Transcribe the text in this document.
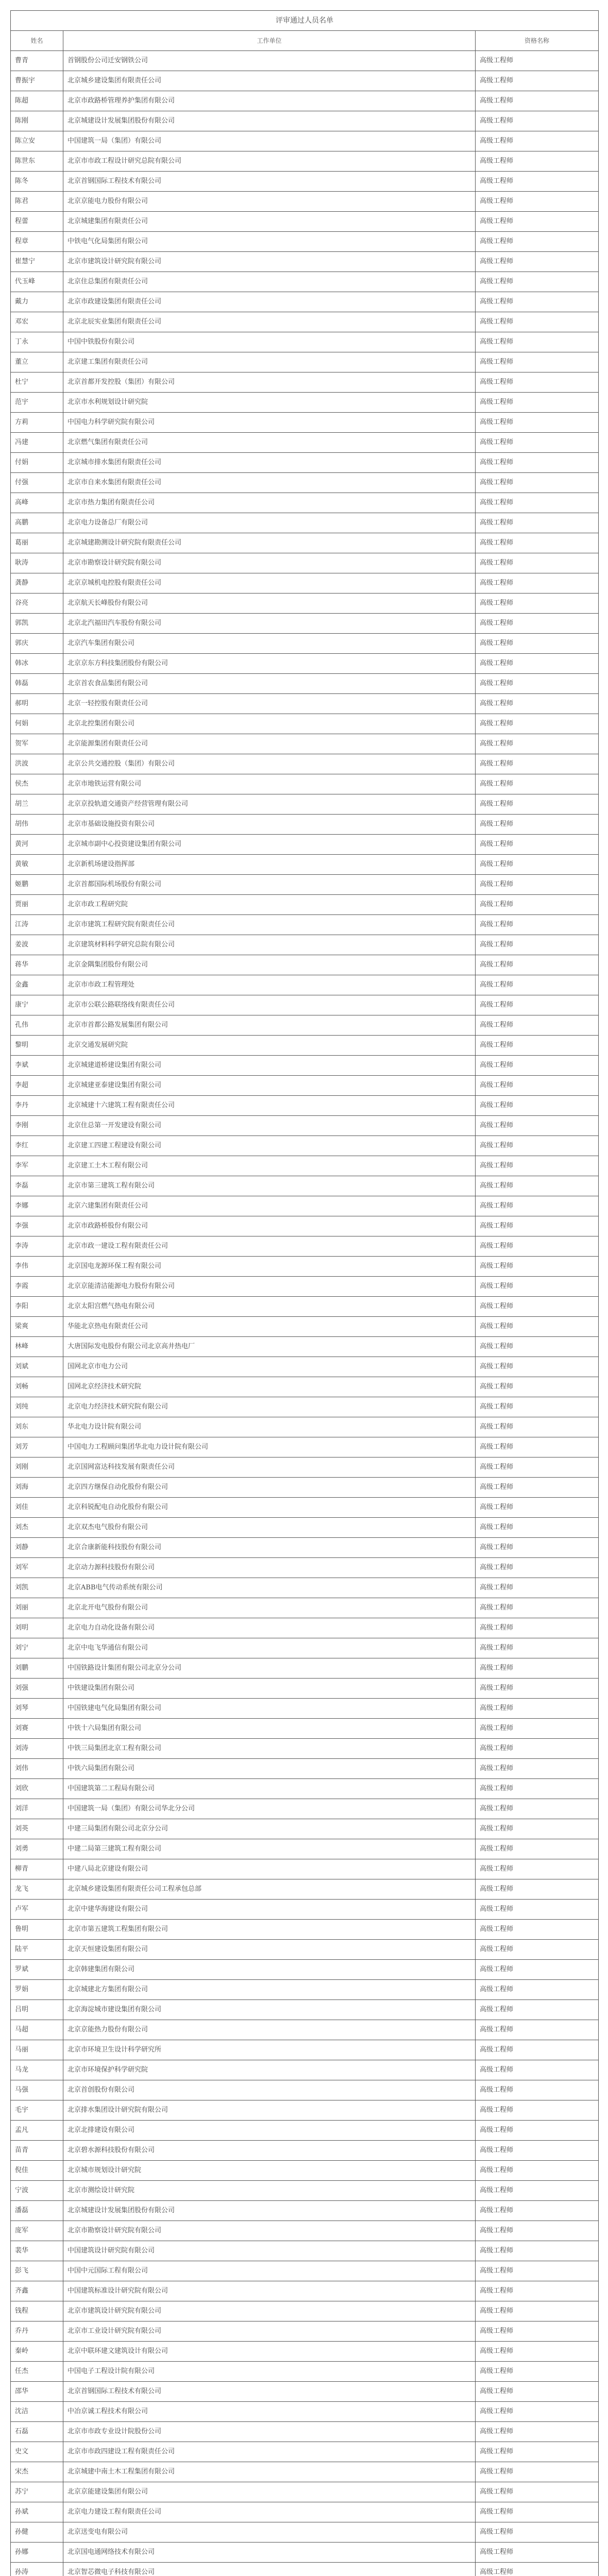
评审通过人员名单
姓名	工作单位	资格名称
曹青	首钢股份公司迁安钢铁公司	高级工程师
曹振宇	北京城乡建设集团有限责任公司	高级工程师
陈超	北京市政路桥管理养护集团有限公司	高级工程师
陈刚	北京城建设计发展集团股份有限公司	高级工程师
陈立安	中国建筑一局（集团）有限公司	高级工程师
陈世东	北京市市政工程设计研究总院有限公司	高级工程师
陈冬	北京首钢国际工程技术有限公司	高级工程师
陈君	北京京能电力股份有限公司	高级工程师
程蕾	北京城建集团有限责任公司	高级工程师
程章	中铁电气化局集团有限公司	高级工程师
崔慧宁	北京市建筑设计研究院有限公司	高级工程师
代玉峰	北京住总集团有限责任公司	高级工程师
戴力	北京市政建设集团有限责任公司	高级工程师
邓宏	北京北辰实业集团有限责任公司	高级工程师
丁永	中国中铁股份有限公司	高级工程师
董立	北京建工集团有限责任公司	高级工程师
杜宁	北京首都开发控股（集团）有限公司	高级工程师
范宇	北京市水利规划设计研究院	高级工程师
方莉	中国电力科学研究院有限公司	高级工程师
冯建	北京燃气集团有限责任公司	高级工程师
付娟	北京城市排水集团有限责任公司	高级工程师
付强	北京市自来水集团有限责任公司	高级工程师
高峰	北京市热力集团有限责任公司	高级工程师
高鹏	北京电力设备总厂有限公司	高级工程师
葛丽	北京城建勘测设计研究院有限责任公司	高级工程师
耿涛	北京市勘察设计研究院有限公司	高级工程师
龚静	北京京城机电控股有限责任公司	高级工程师
谷亮	北京航天长峰股份有限公司	高级工程师
郭凯	北京北汽福田汽车股份有限公司	高级工程师
郭庆	北京汽车集团有限公司	高级工程师
韩冰	北京京东方科技集团股份有限公司	高级工程师
韩磊	北京首农食品集团有限公司	高级工程师
郝明	北京一轻控股有限责任公司	高级工程师
何娟	北京北控集团有限公司	高级工程师
贺军	北京能源集团有限责任公司	高级工程师
洪波	北京公共交通控股（集团）有限公司	高级工程师
侯杰	北京市地铁运营有限公司	高级工程师
胡兰	北京京投轨道交通资产经营管理有限公司	高级工程师
胡伟	北京市基础设施投资有限公司	高级工程师
黄河	北京城市副中心投资建设集团有限公司	高级工程师
黄敏	北京新机场建设指挥部	高级工程师
姬鹏	北京首都国际机场股份有限公司	高级工程师
贾丽	北京市政工程研究院	高级工程师
江涛	北京市建筑工程研究院有限责任公司	高级工程师
姜波	北京建筑材料科学研究总院有限公司	高级工程师
蒋华	北京金隅集团股份有限公司	高级工程师
金鑫	北京市市政工程管理处	高级工程师
康宁	北京市公联公路联络线有限责任公司	高级工程师
孔伟	北京市首都公路发展集团有限公司	高级工程师
黎明	北京交通发展研究院	高级工程师
李斌	北京城建道桥建设集团有限公司	高级工程师
李超	北京城建亚泰建设集团有限公司	高级工程师
李丹	北京城建十六建筑工程有限责任公司	高级工程师
李刚	北京住总第一开发建设有限公司	高级工程师
李红	北京建工四建工程建设有限公司	高级工程师
李军	北京建工土木工程有限公司	高级工程师
李磊	北京市第三建筑工程有限公司	高级工程师
李娜	北京六建集团有限责任公司	高级工程师
李强	北京市政路桥股份有限公司	高级工程师
李涛	北京市政一建设工程有限责任公司	高级工程师
李伟	北京国电龙源环保工程有限公司	高级工程师
李霞	北京京能清洁能源电力股份有限公司	高级工程师
李阳	北京太阳宫燃气热电有限公司	高级工程师
梁爽	华能北京热电有限责任公司	高级工程师
林峰	大唐国际发电股份有限公司北京高井热电厂	高级工程师
刘斌	国网北京市电力公司	高级工程师
刘畅	国网北京经济技术研究院	高级工程师
刘纯	北京电力经济技术研究院有限公司	高级工程师
刘东	华北电力设计院有限公司	高级工程师
刘芳	中国电力工程顾问集团华北电力设计院有限公司	高级工程师
刘刚	北京国网富达科技发展有限责任公司	高级工程师
刘海	北京四方继保自动化股份有限公司	高级工程师
刘佳	北京科锐配电自动化股份有限公司	高级工程师
刘杰	北京双杰电气股份有限公司	高级工程师
刘静	北京合康新能科技股份有限公司	高级工程师
刘军	北京动力源科技股份有限公司	高级工程师
刘凯	北京ABB电气传动系统有限公司	高级工程师
刘丽	北京北开电气股份有限公司	高级工程师
刘明	北京电力自动化设备有限公司	高级工程师
刘宁	北京中电飞华通信有限公司	高级工程师
刘鹏	中国铁路设计集团有限公司北京分公司	高级工程师
刘强	中铁建设集团有限公司	高级工程师
刘琴	中国铁建电气化局集团有限公司	高级工程师
刘赛	中铁十六局集团有限公司	高级工程师
刘涛	中铁三局集团北京工程有限公司	高级工程师
刘伟	中铁六局集团有限公司	高级工程师
刘欣	中国建筑第二工程局有限公司	高级工程师
刘洋	中国建筑一局（集团）有限公司华北分公司	高级工程师
刘英	中建三局集团有限公司北京分公司	高级工程师
刘勇	中建二局第三建筑工程有限公司	高级工程师
柳青	中建八局北京建设有限公司	高级工程师
龙飞	北京城乡建设集团有限责任公司工程承包总部	高级工程师
卢军	北京中建华海建设有限公司	高级工程师
鲁明	北京市第五建筑工程集团有限公司	高级工程师
陆平	北京天恒建设集团有限公司	高级工程师
罗斌	北京韩建集团有限公司	高级工程师
罗娟	北京城建北方集团有限公司	高级工程师
吕明	北京海淀城市建设集团有限公司	高级工程师
马超	北京京能热力股份有限公司	高级工程师
马丽	北京市环境卫生设计科学研究所	高级工程师
马龙	北京市环境保护科学研究院	高级工程师
马强	北京首创股份有限公司	高级工程师
毛宇	北京排水集团设计研究院有限公司	高级工程师
孟凡	北京北排建设有限公司	高级工程师
苗青	北京碧水源科技股份有限公司	高级工程师
倪佳	北京城市规划设计研究院	高级工程师
宁波	北京市测绘设计研究院	高级工程师
潘磊	北京城建设计发展集团股份有限公司	高级工程师
庞军	北京市勘察设计研究院有限公司	高级工程师
裴华	中国建筑设计研究院有限公司	高级工程师
彭飞	中国中元国际工程有限公司	高级工程师
齐鑫	中国建筑标准设计研究院有限公司	高级工程师
钱程	北京市建筑设计研究院有限公司	高级工程师
乔丹	北京市工业设计研究院有限公司	高级工程师
秦岭	北京中联环建文建筑设计有限公司	高级工程师
任杰	中国电子工程设计院有限公司	高级工程师
邵华	北京首钢国际工程技术有限公司	高级工程师
沈洁	中冶京诚工程技术有限公司	高级工程师
石磊	北京市市政专业设计院股份公司	高级工程师
史文	北京市市政四建设工程有限责任公司	高级工程师
宋杰	北京城建中南土木工程集团有限公司	高级工程师
苏宁	北京京能建设集团有限公司	高级工程师
孙斌	北京电力建设工程有限责任公司	高级工程师
孙健	北京送变电有限公司	高级工程师
孙娜	北京国电通网络技术有限公司	高级工程师
孙涛	北京智芯微电子科技有限公司	高级工程师
